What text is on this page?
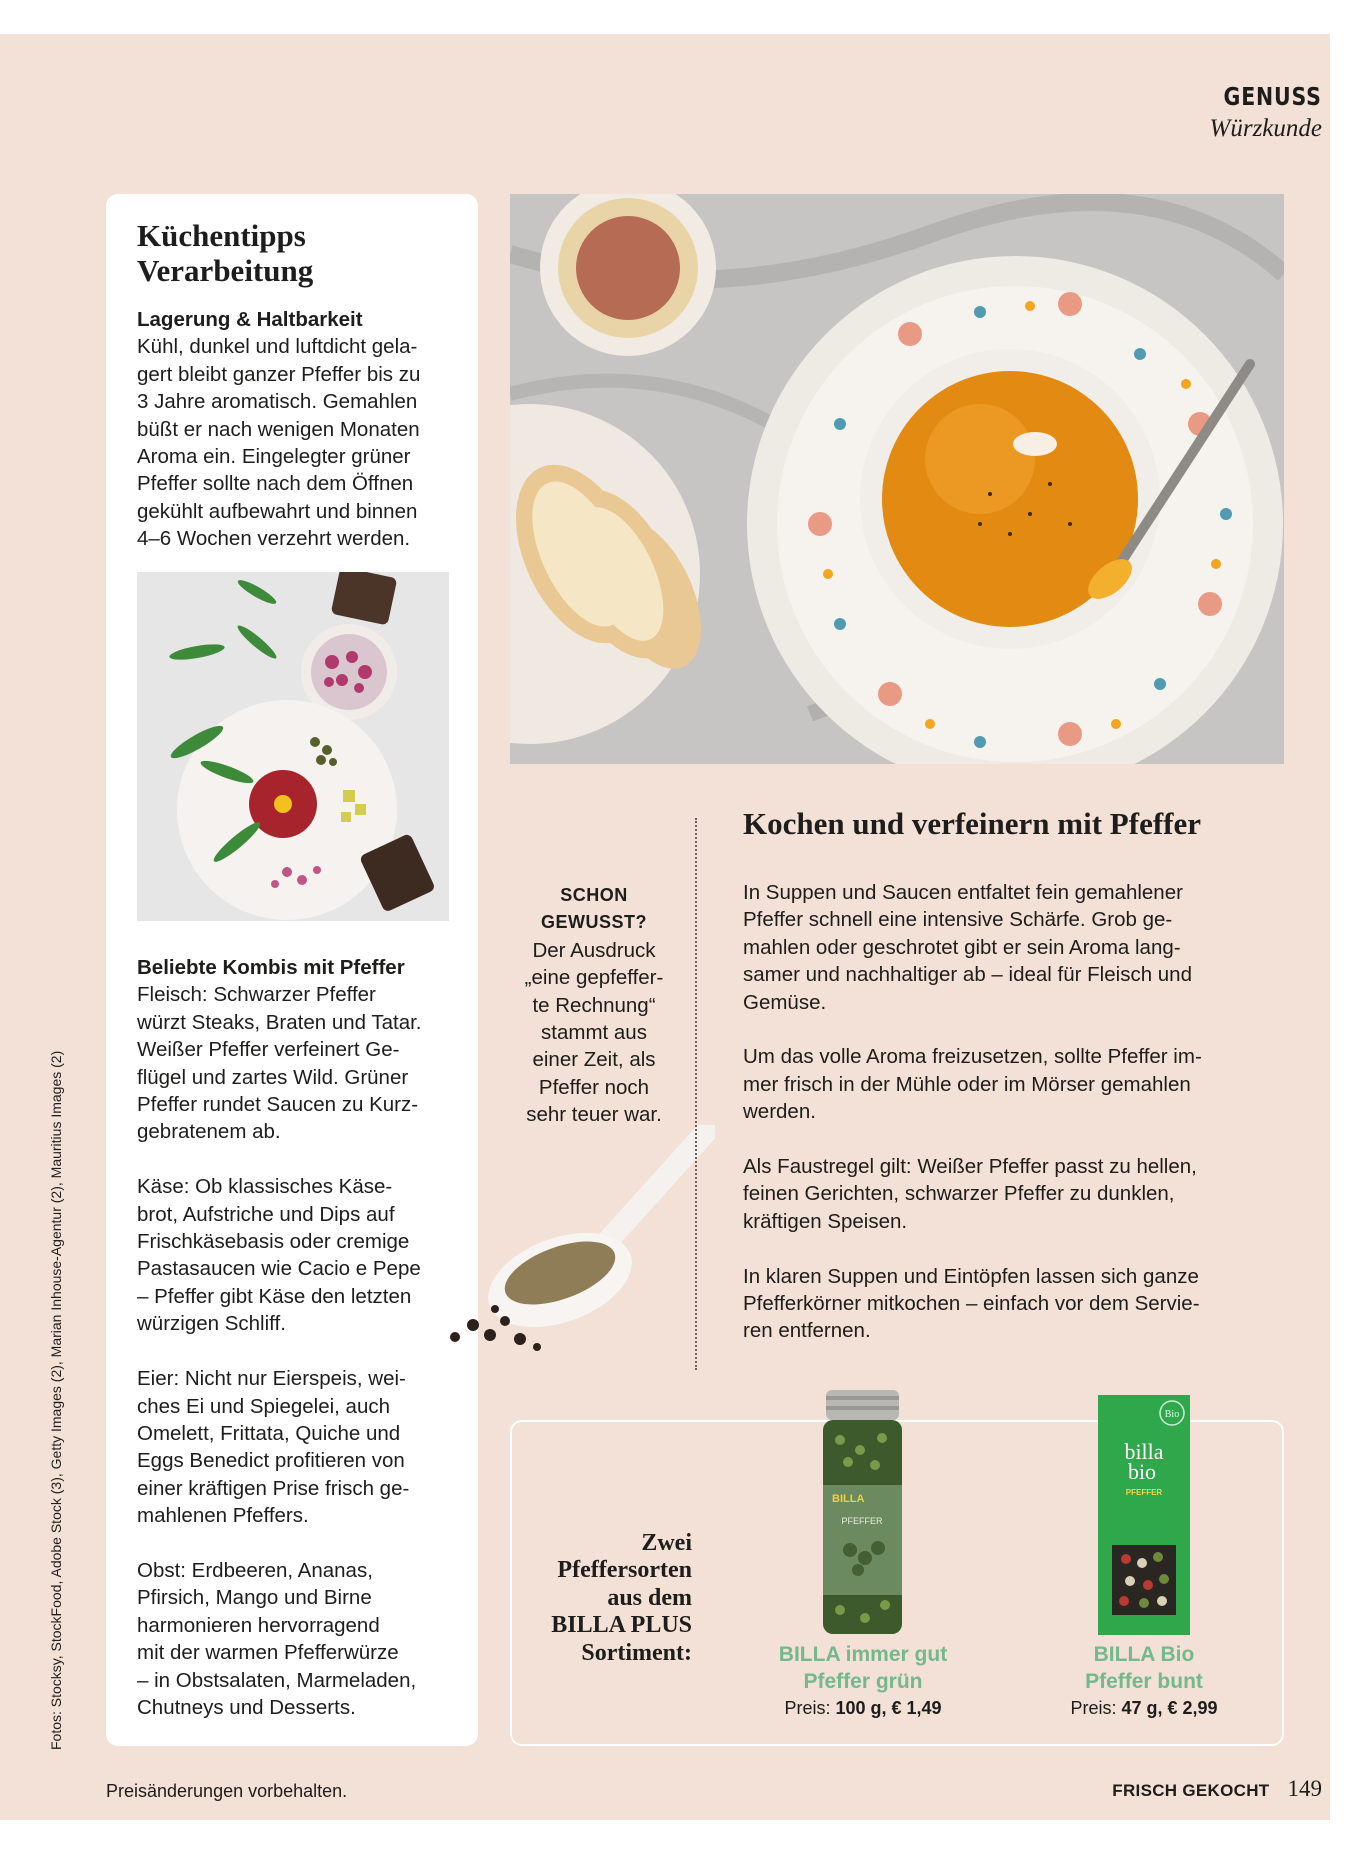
GENUSS
Würzkunde
Küchentipps
Verarbeitung
Lagerung & Haltbarkeit
Kühl, dunkel und luftdicht gela-
gert bleibt ganzer Pfeffer bis zu
3 Jahre aromatisch. Gemahlen
büßt er nach wenigen Monaten
Aroma ein. Eingelegter grüner
Pfeffer sollte nach dem Öffnen
gekühlt aufbewahrt und binnen
4–6 Wochen verzehrt werden.
Beliebte Kombis mit Pfeffer
Fleisch: Schwarzer Pfeffer
würzt Steaks, Braten und Tatar.
Weißer Pfeffer verfeinert Ge-
flügel und zartes Wild. Grüner
Pfeffer rundet Saucen zu Kurz-
gebratenem ab.

Käse: Ob klassisches Käse-
brot, Aufstriche und Dips auf
Frischkäsebasis oder cremige
Pastasaucen wie Cacio e Pepe
– Pfeffer gibt Käse den letzten
würzigen Schliff.

Eier: Nicht nur Eierspeis, wei-
ches Ei und Spiegelei, auch
Omelett, Frittata, Quiche und
Eggs Benedict profitieren von
einer kräftigen Prise frisch ge-
mahlenen Pfeffers.

Obst: Erdbeeren, Ananas,
Pfirsich, Mango und Birne
harmonieren hervorragend
mit der warmen Pfefferwürze
– in Obstsalaten, Marmeladen,
Chutneys und Desserts.
SCHON
GEWUSST?
Der Ausdruck
„eine gepfeffer-
te Rechnung“
stammt aus
einer Zeit, als
Pfeffer noch
sehr teuer war.
Kochen und verfeinern mit Pfeffer

In Suppen und Saucen entfaltet fein gemahlener
Pfeffer schnell eine intensive Schärfe. Grob ge-
mahlen oder geschrotet gibt er sein Aroma lang-
samer und nachhaltiger ab – ideal für Fleisch und
Gemüse.

Um das volle Aroma freizusetzen, sollte Pfeffer im-
mer frisch in der Mühle oder im Mörser gemahlen
werden.

Als Faustregel gilt: Weißer Pfeffer passt zu hellen,
feinen Gerichten, schwarzer Pfeffer zu dunklen,
kräftigen Speisen.

In klaren Suppen und Eintöpfen lassen sich ganze
Pfefferkörner mitkochen – einfach vor dem Servie-
ren entfernen.

Zwei
Pfeffersorten
aus dem
BILLA PLUS
Sortiment:
BILLA
PFEFFER
Bio
billa
bio
PFEFFER
BILLA immer gut
Pfeffer grün
Preis: 100 g, € 1,49
BILLA Bio
Pfeffer bunt
Preis: 47 g, € 2,99
Fotos: Stocksy, StockFood, Adobe Stock (3), Getty Images (2), Marian Inhouse-Agentur (2), Mauritius Images (2)
Preisänderungen vorbehalten.	FRISCH GEKOCHT 149
